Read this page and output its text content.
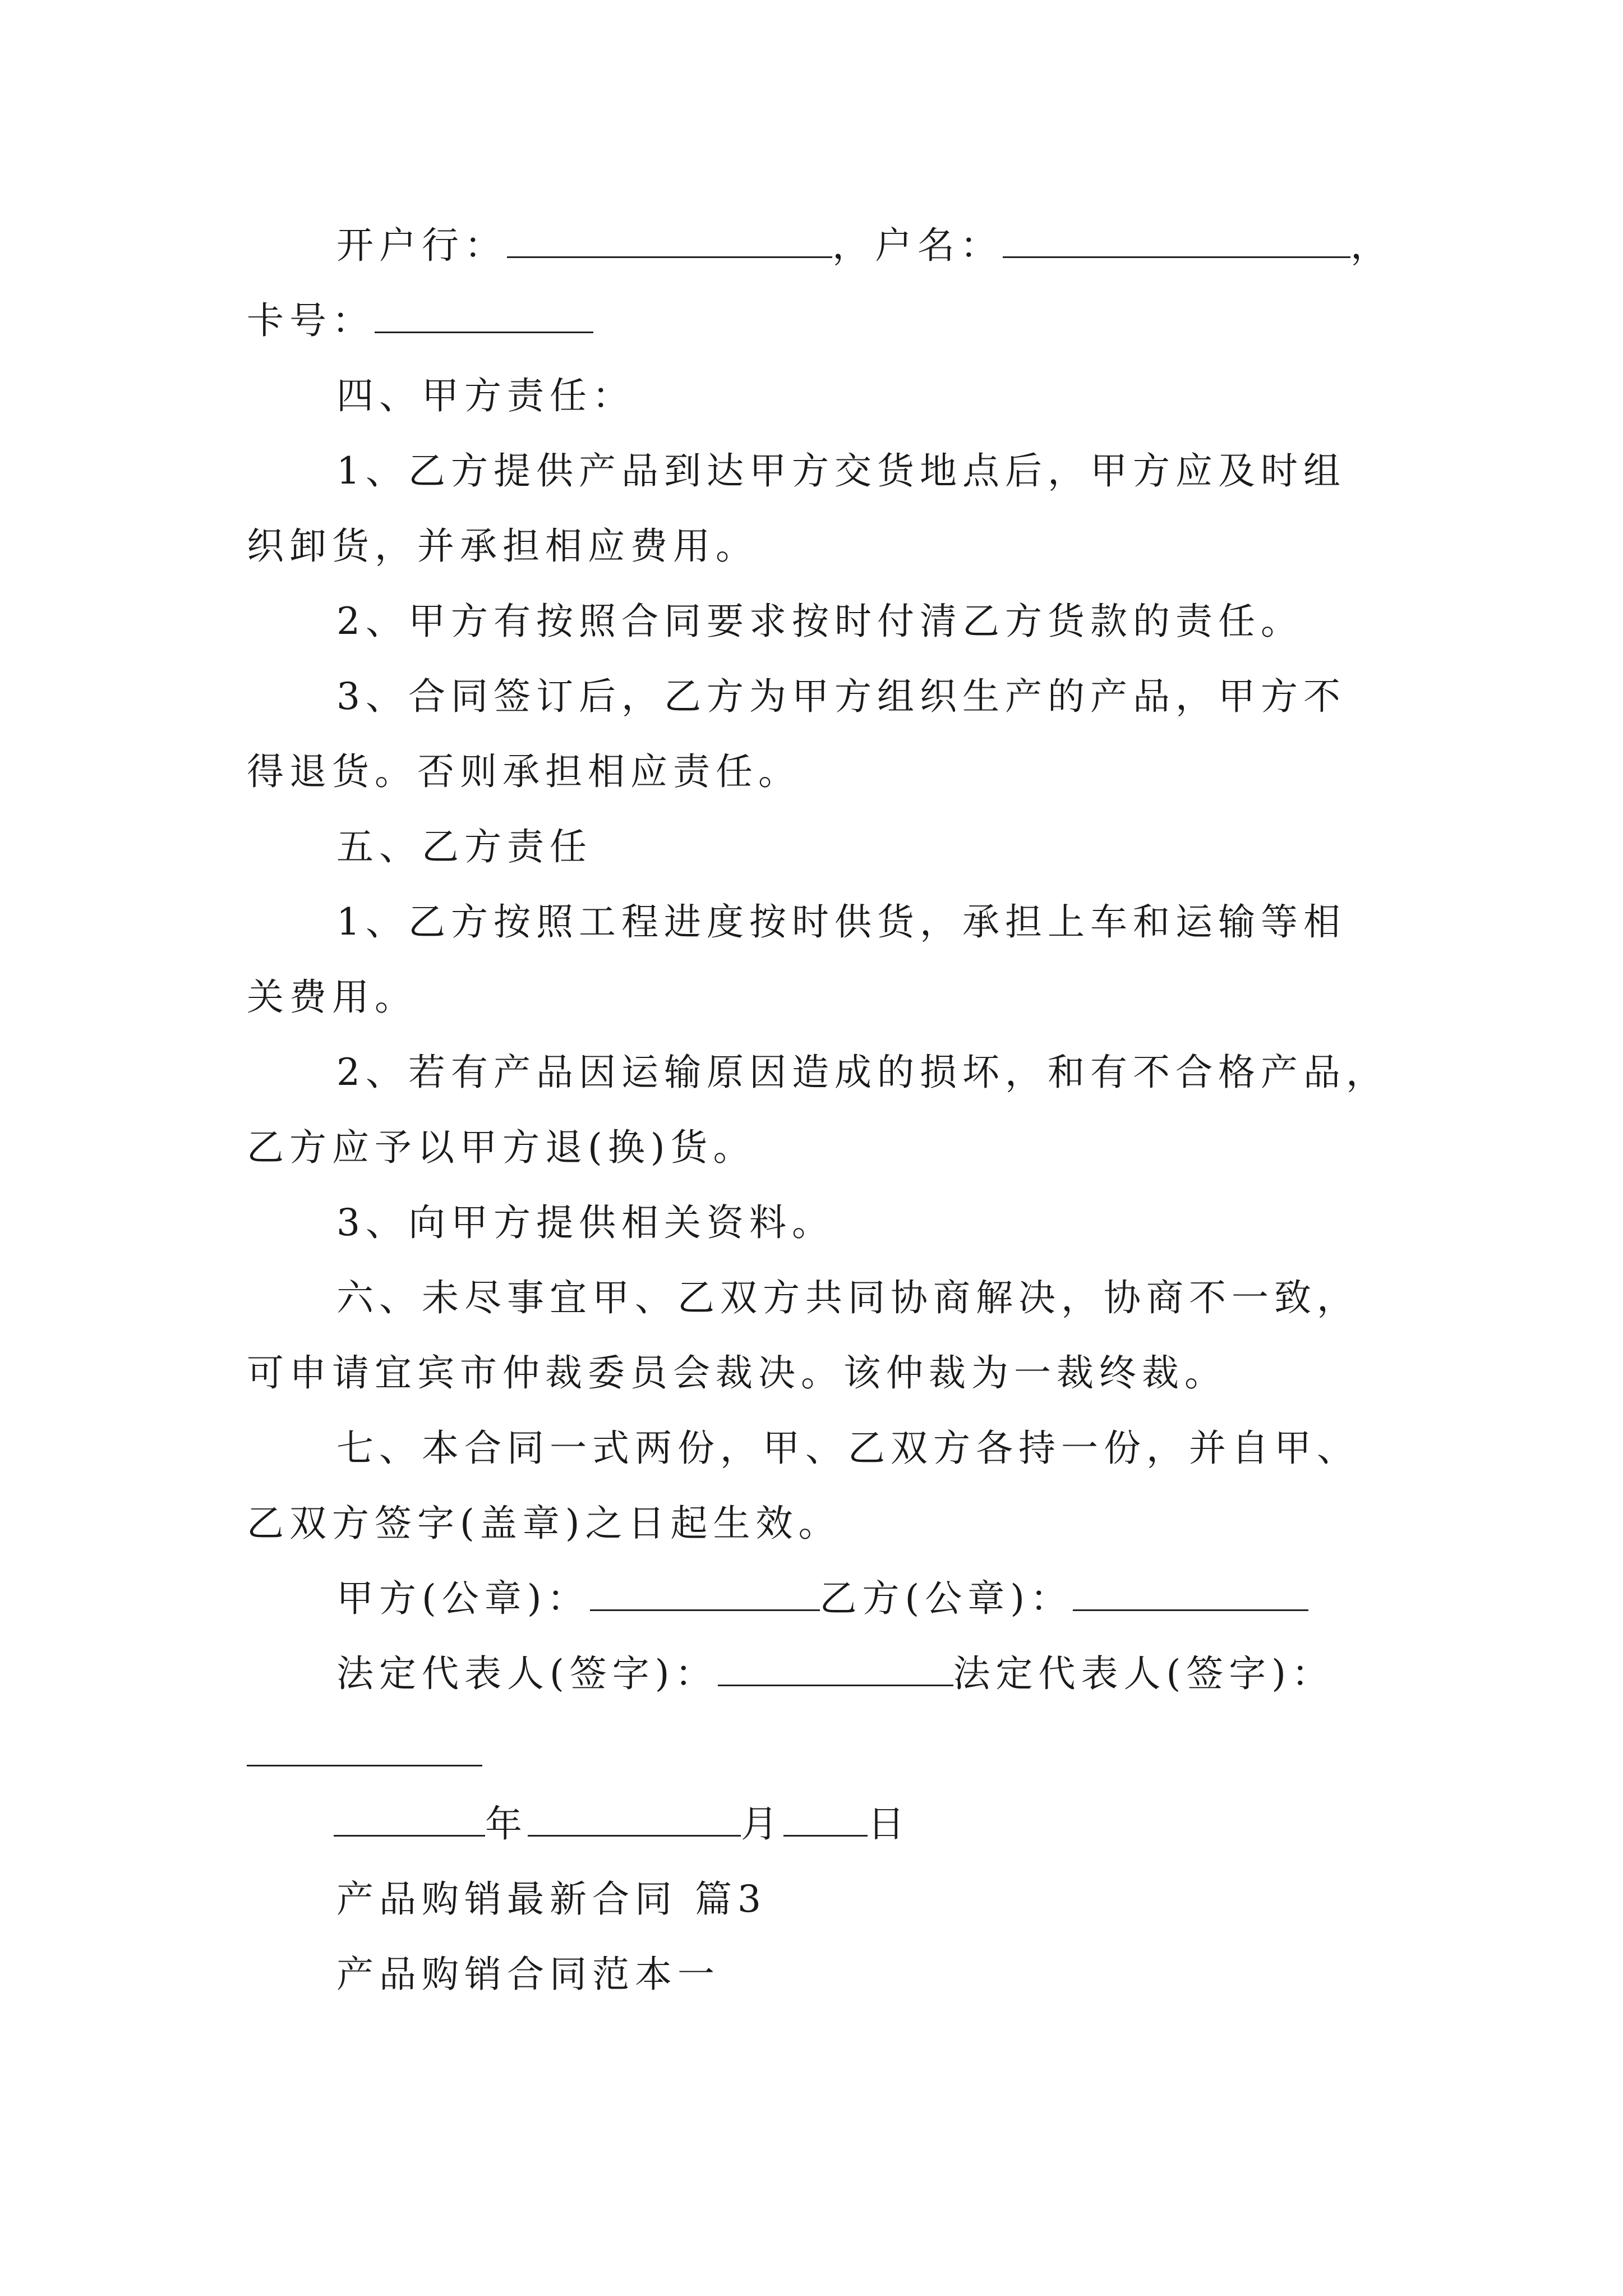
开户行：	，户名：	，
卡号：
四、甲方责任：
1、乙方提供产品到达甲方交货地点后，甲方应及时组
织卸货，并承担相应费用。
2、甲方有按照合同要求按时付清乙方货款的责任。
3、合同签订后，乙方为甲方组织生产的产品，甲方不
得退货。否则承担相应责任。
五、乙方责任
1、乙方按照工程进度按时供货，承担上车和运输等相
关费用。
2、若有产品因运输原因造成的损坏，和有不合格产品，
乙方应予以甲方退(换)货。
3、向甲方提供相关资料。
六、未尽事宜甲、乙双方共同协商解决，协商不一致，
可申请宜宾市仲裁委员会裁决。该仲裁为一裁终裁。
七、本合同一式两份，甲、乙双方各持一份，并自甲、
乙双方签字(盖章)之日起生效。
甲方(公章)：	乙方(公章)：
法定代表人(签字)：	法定代表人(签字)：
年	月 日
产品购销最新合同 篇3
产品购销合同范本一
